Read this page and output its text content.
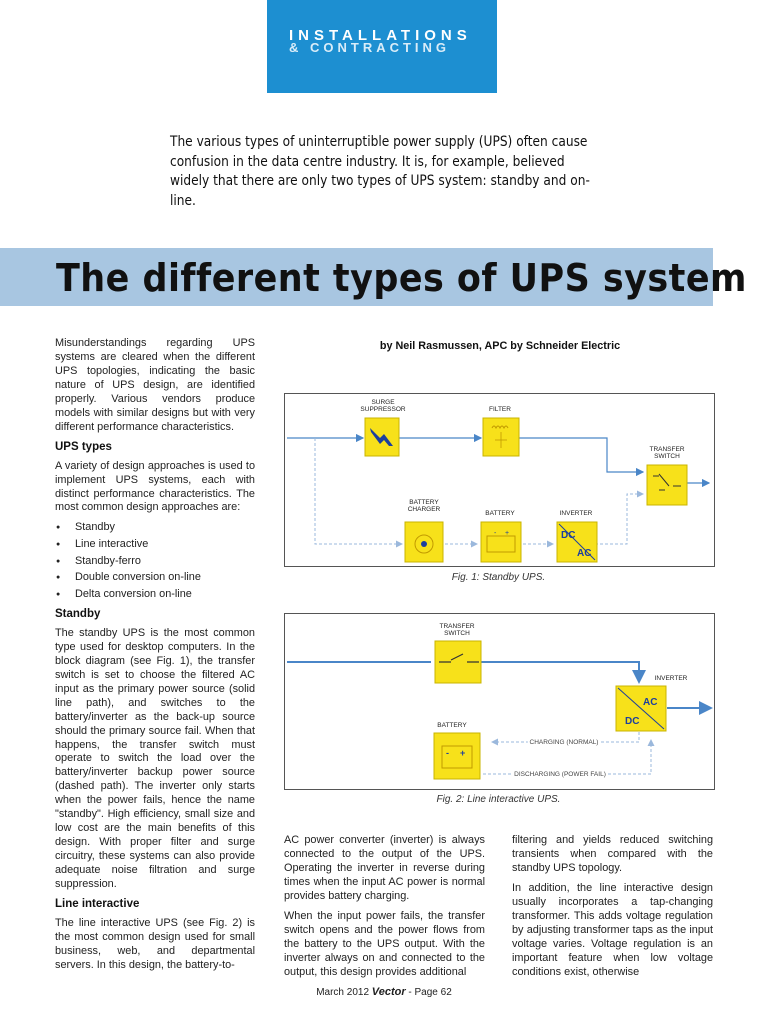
INSTALLATIONS
& CONTRACTING
The various types of uninterruptible power supply (UPS) often cause confusion in the data centre industry. It is, for example, believed widely that there are only two types of UPS system: standby and on-line.
The different types of UPS system

Misunderstandings regarding UPS systems are cleared when the different UPS topologies, indicating the basic nature of UPS design, are identified properly. Various vendors produce models with similar designs but with very different performance characteristics.

UPS types

A variety of design approaches is used to implement UPS systems, each with distinct performance characteristics. The most common design approaches are:

● Standby
● Line interactive
● Standby-ferro
● Double conversion on-line
● Delta conversion on-line
Standby

The standby UPS is the most common type used for desktop computers. In the block diagram (see Fig. 1), the transfer switch is set to choose the filtered AC input as the primary power source (solid line path), and switches to the battery/inverter as the back-up source should the primary source fail. When that happens, the transfer switch must operate to switch the load over the battery/inverter backup power source (dashed path). The inverter only starts when the power fails, hence the name "standby". High efficiency, small size and low cost are the main benefits of this design. With proper filter and surge circuitry, these systems can also provide adequate noise filtration and surge suppression.

Line interactive

The line interactive UPS (see Fig. 2) is the most common design used for small business, web, and departmental servers. In this design, the battery-to-

by Neil Rasmussen, APC by Schneider Electric
SURGE
SUPPRESSOR	FILTER
TRANSFER
SWITCH
BATTERY
CHARGER
BATTERY
- +
INVERTER
DC
AC
Fig. 1: Standby UPS.
TRANSFER
SWITCH
INVERTER
AC
DC
BATTERY
- +
CHARGING (NORMAL)
DISCHARGING (POWER FAIL)
Fig. 2: Line interactive UPS.

AC power converter (inverter) is always connected to the output of the UPS. Operating the inverter in reverse during times when the input AC power is normal provides battery charging.

When the input power fails, the transfer switch opens and the power flows from the battery to the UPS output. With the inverter always on and connected to the output, this design provides additional

filtering and yields reduced switching transients when compared with the standby UPS topology.

In addition, the line interactive design usually incorporates a tap-changing transformer. This adds voltage regulation by adjusting transformer taps as the input voltage varies. Voltage regulation is an important feature when low voltage conditions exist, otherwise

March 2012 Vector - Page 62
